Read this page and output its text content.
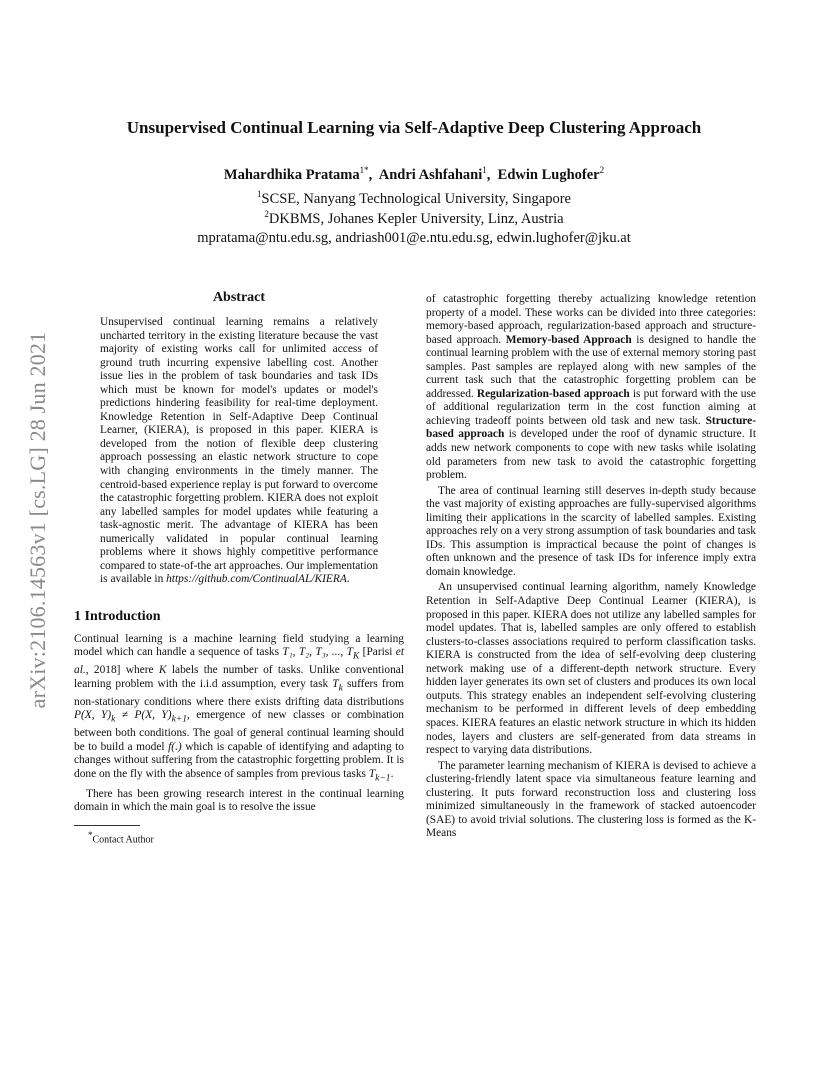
arXiv:2106.14563v1 [cs.LG] 28 Jun 2021
Unsupervised Continual Learning via Self-Adaptive Deep Clustering Approach
Mahardhika Pratama$^{1*}$,  Andri Ashfahani$^1$,  Edwin Lughofer$^2$
$^1$SCSE, Nanyang Technological University, Singapore
$^2$DKBMS, Johanes Kepler University, Linz, Austria
mpratama@ntu.edu.sg, andriash001@e.ntu.edu.sg, edwin.lughofer@jku.at
Abstract

Unsupervised continual learning remains a relatively uncharted territory in the existing literature because the vast majority of existing works call for unlimited access of ground truth incurring expensive labelling cost. Another issue lies in the problem of task boundaries and task IDs which must be known for model's updates or model's predictions hindering feasibility for real-time deployment. Knowledge Retention in Self-Adaptive Deep Continual Learner, (KIERA), is proposed in this paper. KIERA is developed from the notion of flexible deep clustering approach possessing an elastic network structure to cope with changing environments in the timely manner. The centroid-based experience replay is put forward to overcome the catastrophic forgetting problem. KIERA does not exploit any labelled samples for model updates while featuring a task-agnostic merit. The advantage of KIERA has been numerically validated in popular continual learning problems where it shows highly competitive performance compared to state-of-the art approaches. Our implementation is available in https://github.com/ContinualAL/KIERA.

1 Introduction

Continual learning is a machine learning field studying a learning model which can handle a sequence of tasks T₁, T₂, T₃, ..., $T_K$ [Parisi et al., 2018] where K labels the number of tasks. Unlike conventional learning problem with the i.i.d assumption, every task $T_k$ suffers from non-stationary conditions where there exists drifting data distributions P(X, $Y)_k \ne P(X$, $Y)_{k+1}$, emergence of new classes or combination between both conditions. The goal of general continual learning should be to build a model f(.) which is capable of identifying and adapting to changes without suffering from the catastrophic forgetting problem. It is done on the fly with the absence of samples from previous tasks $T_{k-1}$.

There has been growing research interest in the continual learning domain in which the main goal is to resolve the issue

*Contact Author

of catastrophic forgetting thereby actualizing knowledge retention property of a model. These works can be divided into three categories: memory-based approach, regularization-based approach and structure-based approach. Memory-based Approach is designed to handle the continual learning problem with the use of external memory storing past samples. Past samples are replayed along with new samples of the current task such that the catastrophic forgetting problem can be addressed. Regularization-based approach is put forward with the use of additional regularization term in the cost function aiming at achieving tradeoff points between old task and new task. Structure-based approach is developed under the roof of dynamic structure. It adds new network components to cope with new tasks while isolating old parameters from new task to avoid the catastrophic forgetting problem.

The area of continual learning still deserves in-depth study because the vast majority of existing approaches are fully-supervised algorithms limiting their applications in the scarcity of labelled samples. Existing approaches rely on a very strong assumption of task boundaries and task IDs. This assumption is impractical because the point of changes is often unknown and the presence of task IDs for inference imply extra domain knowledge.

An unsupervised continual learning algorithm, namely Knowledge Retention in Self-Adaptive Deep Continual Learner (KIERA), is proposed in this paper. KIERA does not utilize any labelled samples for model updates. That is, labelled samples are only offered to establish clusters-to-classes associations required to perform classification tasks. KIERA is constructed from the idea of self-evolving deep clustering network making use of a different-depth network structure. Every hidden layer generates its own set of clusters and produces its own local outputs. This strategy enables an independent self-evolving clustering mechanism to be performed in different levels of deep embedding spaces. KIERA features an elastic network structure in which its hidden nodes, layers and clusters are self-generated from data streams in respect to varying data distributions.

The parameter learning mechanism of KIERA is devised to achieve a clustering-friendly latent space via simultaneous feature learning and clustering. It puts forward reconstruction loss and clustering loss minimized simultaneously in the framework of stacked autoencoder (SAE) to avoid trivial solutions. The clustering loss is formed as the K-Means
